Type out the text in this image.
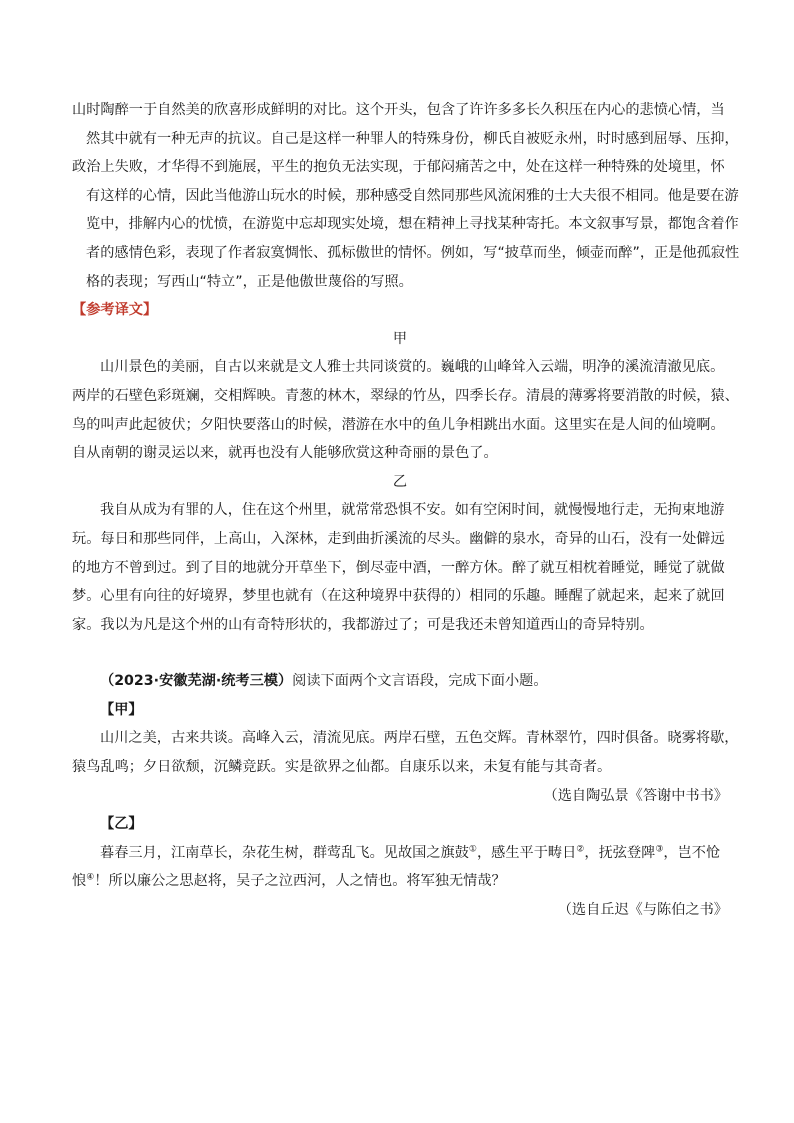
山时陶醉一于自然美的欣喜形成鲜明的对比。这个开头，包含了许许多多长久积压在内心的悲愤心情，当

然其中就有一种无声的抗议。自己是这样一种罪人的特殊身份，柳氏自被贬永州，时时感到屈辱、压抑，

政治上失败，才华得不到施展，平生的抱负无法实现，于郁闷痛苦之中，处在这样一种特殊的处境里，怀

有这样的心情，因此当他游山玩水的时候，那种感受自然同那些风流闲雅的士大夫很不相同。他是要在游

览中，排解内心的忧愤，在游览中忘却现实处境，想在精神上寻找某种寄托。本文叙事写景，都饱含着作

者的感情色彩，表现了作者寂寞惆怅、孤标傲世的情怀。例如，写“披草而坐，倾壶而醉”，正是他孤寂性

格的表现；写西山“特立”，正是他傲世蔑俗的写照。

【参考译文】

甲

山川景色的美丽，自古以来就是文人雅士共同谈赏的。巍峨的山峰耸入云端，明净的溪流清澈见底。

两岸的石壁色彩斑斓，交相辉映。青葱的林木，翠绿的竹丛，四季长存。清晨的薄雾将要消散的时候，猿、

鸟的叫声此起彼伏；夕阳快要落山的时候，潜游在水中的鱼儿争相跳出水面。这里实在是人间的仙境啊。

自从南朝的谢灵运以来，就再也没有人能够欣赏这种奇丽的景色了。

乙

我自从成为有罪的人，住在这个州里，就常常恐惧不安。如有空闲时间，就慢慢地行走，无拘束地游

玩。每日和那些同伴，上高山，入深林，走到曲折溪流的尽头。幽僻的泉水，奇异的山石，没有一处僻远

的地方不曾到过。到了目的地就分开草坐下，倒尽壶中酒，一醉方休。醉了就互相枕着睡觉，睡觉了就做

梦。心里有向往的好境界，梦里也就有（在这种境界中获得的）相同的乐趣。睡醒了就起来，起来了就回

家。我以为凡是这个州的山有奇特形状的，我都游过了；可是我还未曾知道西山的奇异特别。

（2023·安徽芜湖·统考三模）阅读下面两个文言语段，完成下面小题。

【甲】

山川之美，古来共谈。高峰入云，清流见底。两岸石壁，五色交辉。青林翠竹，四时俱备。晓雾将歇，

猿鸟乱鸣；夕日欲颓，沉鳞竞跃。实是欲界之仙都。自康乐以来，未复有能与其奇者。

（选自陶弘景《答谢中书书》

【乙】

暮春三月，江南草长，杂花生树，群莺乱飞。见故国之旗鼓①，感生平于畴日②，抚弦登陴③，岂不怆

悢④！所以廉公之思赵将，吴子之泣西河，人之情也。将军独无情哉？

（选自丘迟《与陈伯之书》
